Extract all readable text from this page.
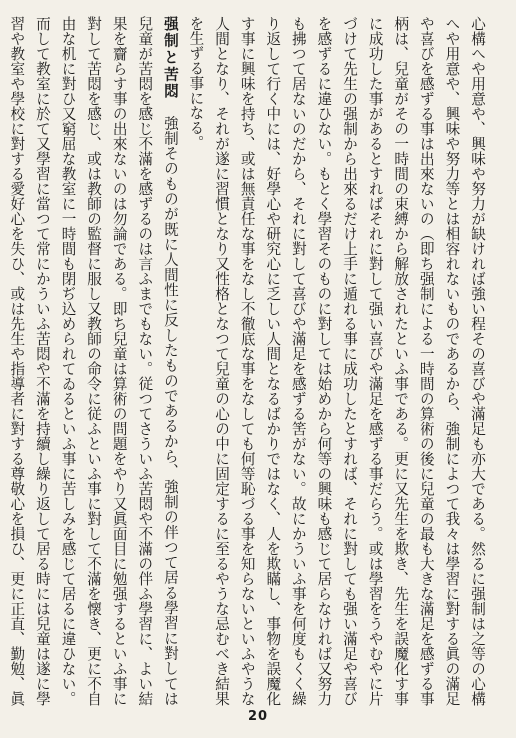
心構へや用意や、興味や努力が缺ければ強い程その喜びや滿足も亦大である。然るに强制は之等の心構へや用意や、興味や努力等とは相容れないものであるから、強制によつて我々は學習に對する眞の滿足や喜びを感ずる事は出來ないの（即ち强制による一時間の算術の後に兒童の最も大きな滿足を感ずる事柄は、兒童がその一時間の束縛から解放されたといふ事である。更に又先生を欺き、先生を誤魔化す事に成功した事があるとすればそれに對して强い喜びや滿足を感ずる事だらう。或は學習をうやむやに片づけて先生の强制から出來るだけ上手に遁れる事に成功したとすれば、それに對しても强い滿足や喜びを感ずるに違ひない。もとく學習そのものに對しては始めから何等の興味も感じて居らなければ又努力も拂つて居ないのだから、それに對して喜びや滿足を感ずる筈がない。故にかういふ事を何度もくく繰り返して行く中には、好學心や研究心に乏しい人間となるばかりではなく、人を欺瞞し、事物を誤魔化す事に興味を持ち、或は無責任な事をなし不徹底な事をなしても何等恥づる事を知らないといふやうな人間となり、それが遂に習慣となり又性格となつて兒童の心の中に固定するに至るやうな忌むべき結果を生ずる事になる。

强制と苦悶　強制そのものが既に人間性に反したものであるから、強制の伴つて居る學習に對しては兒童が苦悶を感じ不滿を感ずるのは言ふまでもない。従つてさういふ苦悶や不滿の伴ふ學習に、よい結果を齎らす事の出來ないのは勿論である。即ち兒童は算術の問題をやり又眞面目に勉强するといふ事に對して苦悶を感じ、或は教師の監督に服し又教師の命令に従ふといふ事に對して不滿を懐き、更に不自由な机に對ひ又窮屈な教室に一時間も閉ぢ込められてゐるといふ事に苦しみを感じて居るに違ひない。而して教室に於て又學習に當つて常にかういふ苦悶や不滿を持續し繰り返して居る時には兒童は遂に學習や教室や學校に對する愛好心を失ひ、或は先生や指導者に對する尊敬心を損ひ、更に正直、勤勉、眞

20
